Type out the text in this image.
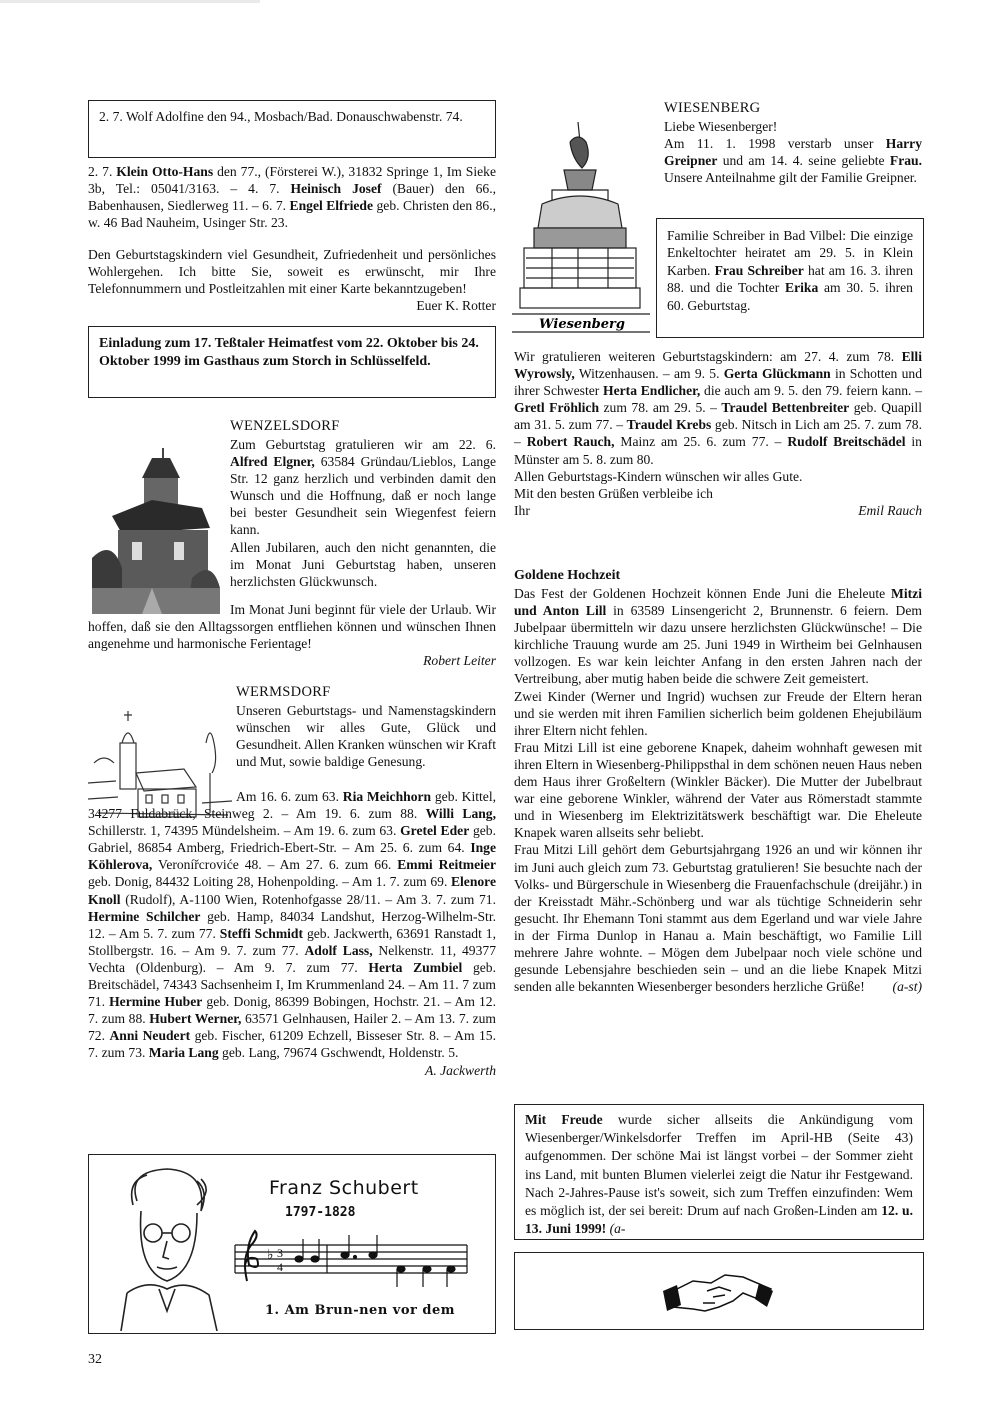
2. 7. Wolf Adolfine den 94., Mosbach/Bad. Donauschwabenstr. 74.
2. 7. Klein Otto-Hans den 77., (Försterei W.), 31832 Springe 1, Im Sieke 3b, Tel.: 05041/3163. – 4. 7. Heinisch Josef (Bauer) den 66., Babenhausen, Siedlerweg 11. – 6. 7. Engel Elfriede geb. Christen den 86., w. 46 Bad Nauheim, Usinger Str. 23.
Den Geburtstagskindern viel Gesundheit, Zufriedenheit und persönliches Wohlergehen. Ich bitte Sie, soweit es erwünscht, mir Ihre Telefonnummern und Postleitzahlen mit einer Karte bekanntzugeben!
Euer K. Rotter
Einladung zum 17. Teßtaler Heimatfest vom 22. Oktober bis 24. Oktober 1999 im Gasthaus zum Storch in Schlüsselfeld.
WENZELSDORF

Zum Geburtstag gratulieren wir am 22. 6. Alfred Elgner, 63584 Gründau/Lieblos, Lange Str. 12 ganz herzlich und verbinden damit den Wunsch und die Hoffnung, daß er noch lange bei bester Gesundheit sein Wiegenfest feiern kann.

Allen Jubilaren, auch den nicht genannten, die im Monat Juni Geburtstag haben, unseren herzlichsten Glückwunsch.

Im Monat Juni beginnt für viele der Urlaub. Wir hoffen, daß sie den Alltagssorgen entfliehen können und wünschen Ihnen angenehme und harmonische Ferientage!
Robert Leiter
WERMSDORF
Unseren Geburtstags- und Namenstagskindern wünschen wir alles Gute, Glück und Gesundheit. Allen Kranken wünschen wir Kraft und Mut, sowie baldige Genesung.
Am 16. 6. zum 63. Ria Meichhorn geb. Kittel, 34277 Fuldabrück, Steinweg 2. – Am 19. 6. zum 88. Willi Lang, Schillerstr. 1, 74395 Mündelsheim. – Am 19. 6. zum 63. Gretel Eder geb. Gabriel, 86854 Amberg, Friedrich-Ebert-Str. – Am 25. 6. zum 64. Inge Köhlerova, Veronířcroviće 48. – Am 27. 6. zum 66. Emmi Reitmeier geb. Donig, 84432 Loiting 28, Hohenpolding. – Am 1. 7. zum 69. Elenore Knoll (Rudolf), A-1100 Wien, Rotenhofgasse 28/11. – Am 3. 7. zum 71. Hermine Schilcher geb. Hamp, 84034 Landshut, Herzog-Wilhelm-Str. 12. – Am 5. 7. zum 77. Steffi Schmidt geb. Jackwerth, 63691 Ranstadt 1, Stollbergstr. 16. – Am 9. 7. zum 77. Adolf Lass, Nelkenstr. 11, 49377 Vechta (Oldenburg). – Am 9. 7. zum 77. Herta Zumbiel geb. Breitschädel, 74343 Sachsenheim I, Im Krummenland 24. – Am 11. 7 zum 71. Hermine Huber geb. Donig, 86399 Bobingen, Hochstr. 21. – Am 12. 7. zum 88. Hubert Werner, 63571 Gelnhausen, Hailer 2. – Am 13. 7. zum 72. Anni Neudert geb. Fischer, 61209 Echzell, Bisseser Str. 8. – Am 15. 7. zum 73. Maria Lang geb. Lang, 79674 Gschwendt, Holdenstr. 5.
A. Jackwerth
Franz Schubert
1797-1828
♭ 3
4
1. Am Brun-nen vor dem
Wiesenberg
WIESENBERG

Liebe Wiesenberger!

Am 11. 1. 1998 verstarb unser Harry Greipner und am 14. 4. seine geliebte Frau. Unsere Anteilnahme gilt der Familie Greipner.

Familie Schreiber in Bad Vilbel: Die einzige Enkeltochter heiratet am 29. 5. in Klein Karben. Frau Schreiber hat am 16. 3. ihren 88. und die Tochter Erika am 30. 5. ihren 60. Geburtstag.
Wir gratulieren weiteren Geburtstagskindern: am 27. 4. zum 78. Elli Wyrowsly, Witzenhausen. – am 9. 5. Gerta Glückmann in Schotten und ihrer Schwester Herta Endlicher, die auch am 9. 5. den 79. feiern kann. – Gretl Fröhlich zum 78. am 29. 5. – Traudel Bettenbreiter geb. Quapill am 31. 5. zum 77. – Traudel Krebs geb. Nitsch in Lich am 25. 7. zum 78. – Robert Rauch, Mainz am 25. 6. zum 77. – Rudolf Breitschädel in Münster am 5. 8. zum 80.

Allen Geburtstags-Kindern wünschen wir alles Gute.

Mit den besten Grüßen verbleibe ich

Ihr	Emil Rauch

Goldene Hochzeit

Das Fest der Goldenen Hochzeit können Ende Juni die Eheleute Mitzi und Anton Lill in 63589 Linsengericht 2, Brunnenstr. 6 feiern. Dem Jubelpaar übermitteln wir dazu unsere herzlichsten Glückwünsche! – Die kirchliche Trauung wurde am 25. Juni 1949 in Wirtheim bei Gelnhausen vollzogen. Es war kein leichter Anfang in den ersten Jahren nach der Vertreibung, aber mutig haben beide die schwere Zeit gemeistert.

Zwei Kinder (Werner und Ingrid) wuchsen zur Freude der Eltern heran und sie werden mit ihren Familien sicherlich beim goldenen Ehejubiläum ihrer Eltern nicht fehlen.

Frau Mitzi Lill ist eine geborene Knapek, daheim wohnhaft gewesen mit ihren Eltern in Wiesenberg-Philippsthal in dem schönen neuen Haus neben dem Haus ihrer Großeltern (Winkler Bäcker). Die Mutter der Jubelbraut war eine geborene Winkler, während der Vater aus Römerstadt stammte und in Wiesenberg im Elektrizitätswerk beschäftigt war. Die Eheleute Knapek waren allseits sehr beliebt.

Frau Mitzi Lill gehört dem Geburtsjahrgang 1926 an und wir können ihr im Juni auch gleich zum 73. Geburtstag gratulieren! Sie besuchte nach der Volks- und Bürgerschule in Wiesenberg die Frauenfachschule (dreijähr.) in der Kreisstadt Mähr.-Schönberg und war als tüchtige Schneiderin sehr gesucht. Ihr Ehemann Toni stammt aus dem Egerland und war viele Jahre in der Firma Dunlop in Hanau a. Main beschäftigt, wo Familie Lill mehrere Jahre wohnte. – Mögen dem Jubelpaar noch viele schöne und gesunde Lebensjahre beschieden sein – und an die liebe Knapek Mitzi senden alle bekannten Wiesenberger besonders herzliche Grüße! (a-st)

Mit Freude wurde sicher allseits die Ankündigung vom Wiesenberger/Winkelsdorfer Treffen im April-HB (Seite 43) aufgenommen. Der schöne Mai ist längst vorbei – der Sommer zieht ins Land, mit bunten Blumen vielerlei zeigt die Natur ihr Festgewand. Nach 2-Jahres-Pause ist's soweit, sich zum Treffen einzufinden: Wem es möglich ist, der sei bereit: Drum auf nach Großen-Linden am 12. u. 13. Juni 1999! (a-
32
